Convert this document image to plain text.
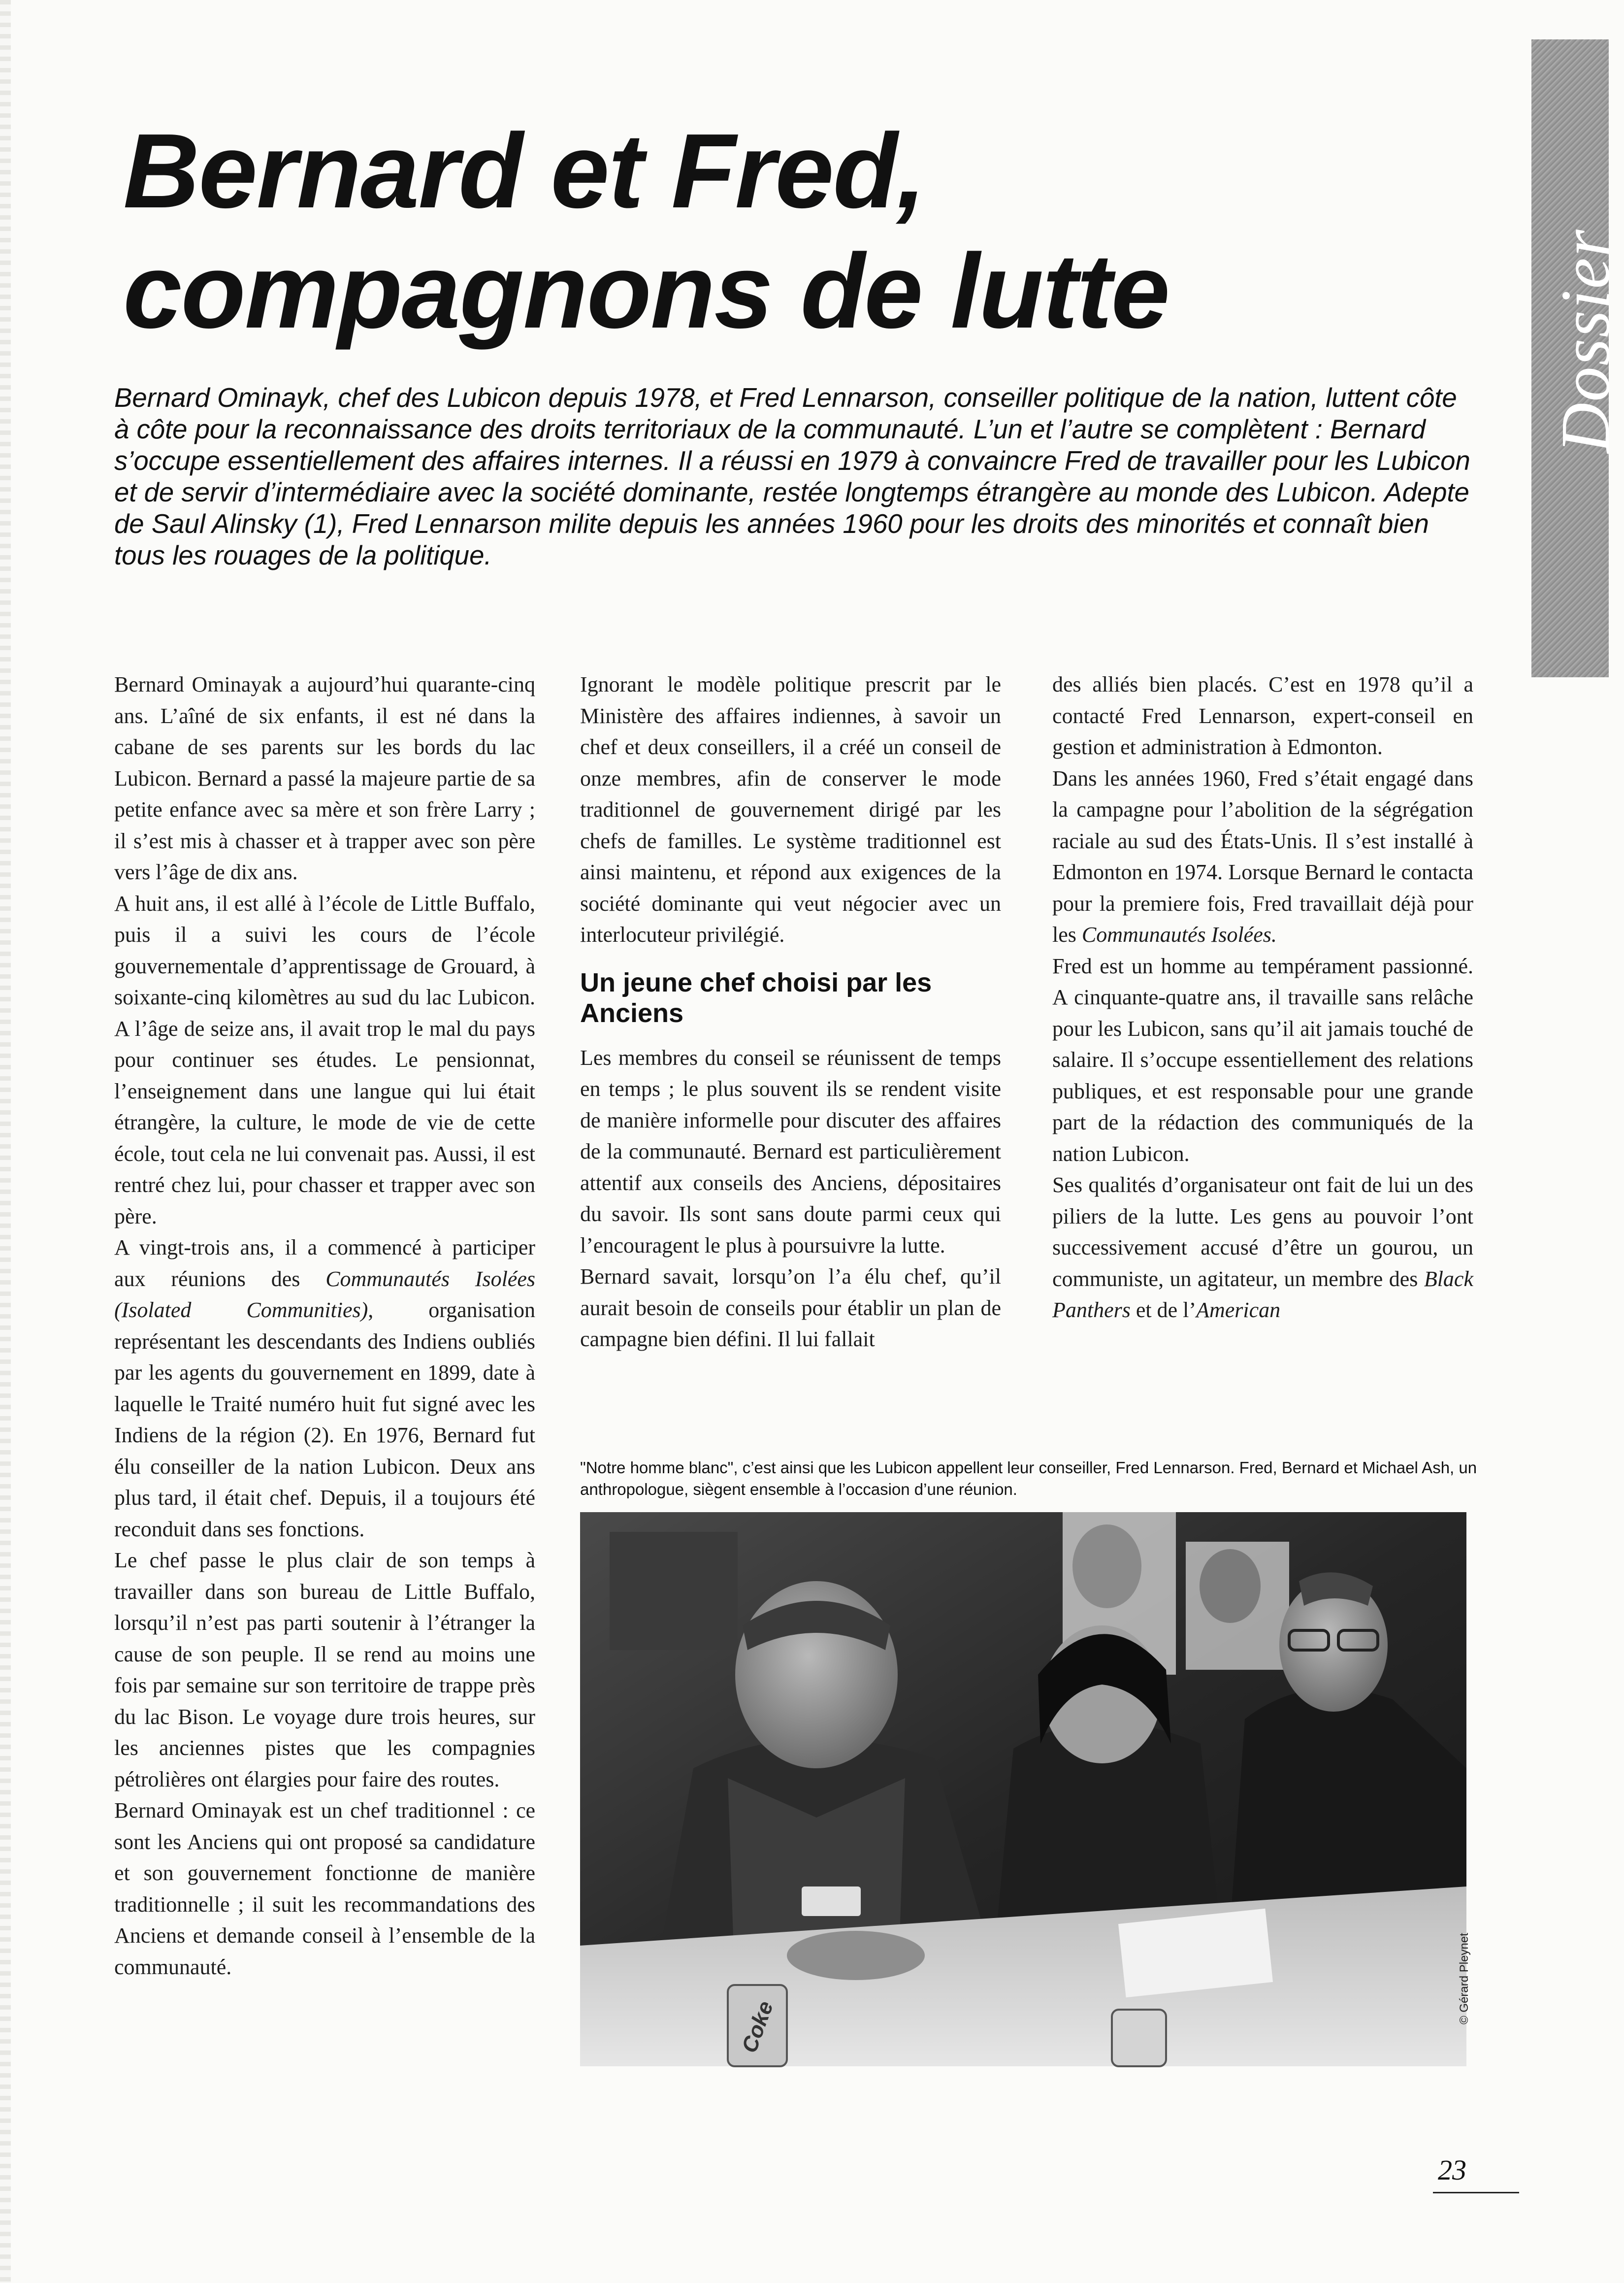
Bernard et Fred,
compagnons de lutte
Bernard Ominayk, chef des Lubicon depuis 1978, et Fred Lennarson, conseiller politique de la nation, luttent côte à côte pour la reconnaissance des droits territoriaux de la communauté. L’un et l’autre se complètent : Bernard s’occupe essentiellement des affaires internes. Il a réussi en 1979 à convaincre Fred de travailler pour les Lubicon et de servir d’intermédiaire avec la société dominante, restée longtemps étrangère au monde des Lubicon. Adepte de Saul Alinsky (1), Fred Lennarson milite depuis les années 1960 pour les droits des minorités et connaît bien tous les rouages de la politique.
Dossier

Bernard Ominayak a aujourd’hui quarante-cinq ans. L’aîné de six enfants, il est né dans la cabane de ses parents sur les bords du lac Lubicon. Bernard a passé la majeure partie de sa petite enfance avec sa mère et son frère Larry ; il s’est mis à chasser et à trapper avec son père vers l’âge de dix ans.

A huit ans, il est allé à l’école de Little Buffalo, puis il a suivi les cours de l’école gouvernementale d’apprentissage de Grouard, à soixante-cinq kilomètres au sud du lac Lubicon. A l’âge de seize ans, il avait trop le mal du pays pour continuer ses études. Le pensionnat, l’enseignement dans une langue qui lui était étrangère, la culture, le mode de vie de cette école, tout cela ne lui convenait pas. Aussi, il est rentré chez lui, pour chasser et trapper avec son père.

A vingt-trois ans, il a commencé à participer aux réunions des Communautés Isolées (Isolated Communities), organisation représentant les descendants des Indiens oubliés par les agents du gouvernement en 1899, date à laquelle le Traité numéro huit fut signé avec les Indiens de la région (2). En 1976, Bernard fut élu conseiller de la nation Lubicon. Deux ans plus tard, il était chef. Depuis, il a toujours été reconduit dans ses fonctions.

Le chef passe le plus clair de son temps à travailler dans son bureau de Little Buffalo, lorsqu’il n’est pas parti soutenir à l’étranger la cause de son peuple. Il se rend au moins une fois par semaine sur son territoire de trappe près du lac Bison. Le voyage dure trois heures, sur les anciennes pistes que les compagnies pétrolières ont élargies pour faire des routes.

Bernard Ominayak est un chef traditionnel : ce sont les Anciens qui ont proposé sa candidature et son gouvernement fonctionne de manière traditionnelle ; il suit les recommandations des Anciens et demande conseil à l’ensemble de la communauté.

Ignorant le modèle politique prescrit par le Ministère des affaires indiennes, à savoir un chef et deux conseillers, il a créé un conseil de onze membres, afin de conserver le mode traditionnel de gouvernement dirigé par les chefs de familles. Le système traditionnel est ainsi maintenu, et répond aux exigences de la société dominante qui veut négocier avec un interlocuteur privilégié.

Un jeune chef choisi par les Anciens

Les membres du conseil se réunissent de temps en temps ; le plus souvent ils se rendent visite de manière informelle pour discuter des affaires de la communauté. Bernard est particulièrement attentif aux conseils des Anciens, dépositaires du savoir. Ils sont sans doute parmi ceux qui l’encouragent le plus à poursuivre la lutte.

Bernard savait, lorsqu’on l’a élu chef, qu’il aurait besoin de conseils pour établir un plan de campagne bien défini. Il lui fallait

des alliés bien placés. C’est en 1978 qu’il a contacté Fred Lennarson, expert-conseil en gestion et administration à Edmonton.

Dans les années 1960, Fred s’était engagé dans la campagne pour l’abolition de la ségrégation raciale au sud des États-Unis. Il s’est installé à Edmonton en 1974. Lorsque Bernard le contacta pour la premiere fois, Fred travaillait déjà pour les Communautés Isolées.

Fred est un homme au tempérament passionné. A cinquante-quatre ans, il travaille sans relâche pour les Lubicon, sans qu’il ait jamais touché de salaire. Il s’occupe essentiellement des relations publiques, et est responsable pour une grande part de la rédaction des communiqués de la nation Lubicon.

Ses qualités d’organisateur ont fait de lui un des piliers de la lutte. Les gens au pouvoir l’ont successivement accusé d’être un gourou, un communiste, un agitateur, un membre des Black Panthers et de l’American

"Notre homme blanc", c’est ainsi que les Lubicon appellent leur conseiller, Fred Lennarson. Fred, Bernard et Michael Ash, un anthropologue, siègent ensemble à l’occasion d’une réunion.
Coke
© Gérard Pleynet
23
